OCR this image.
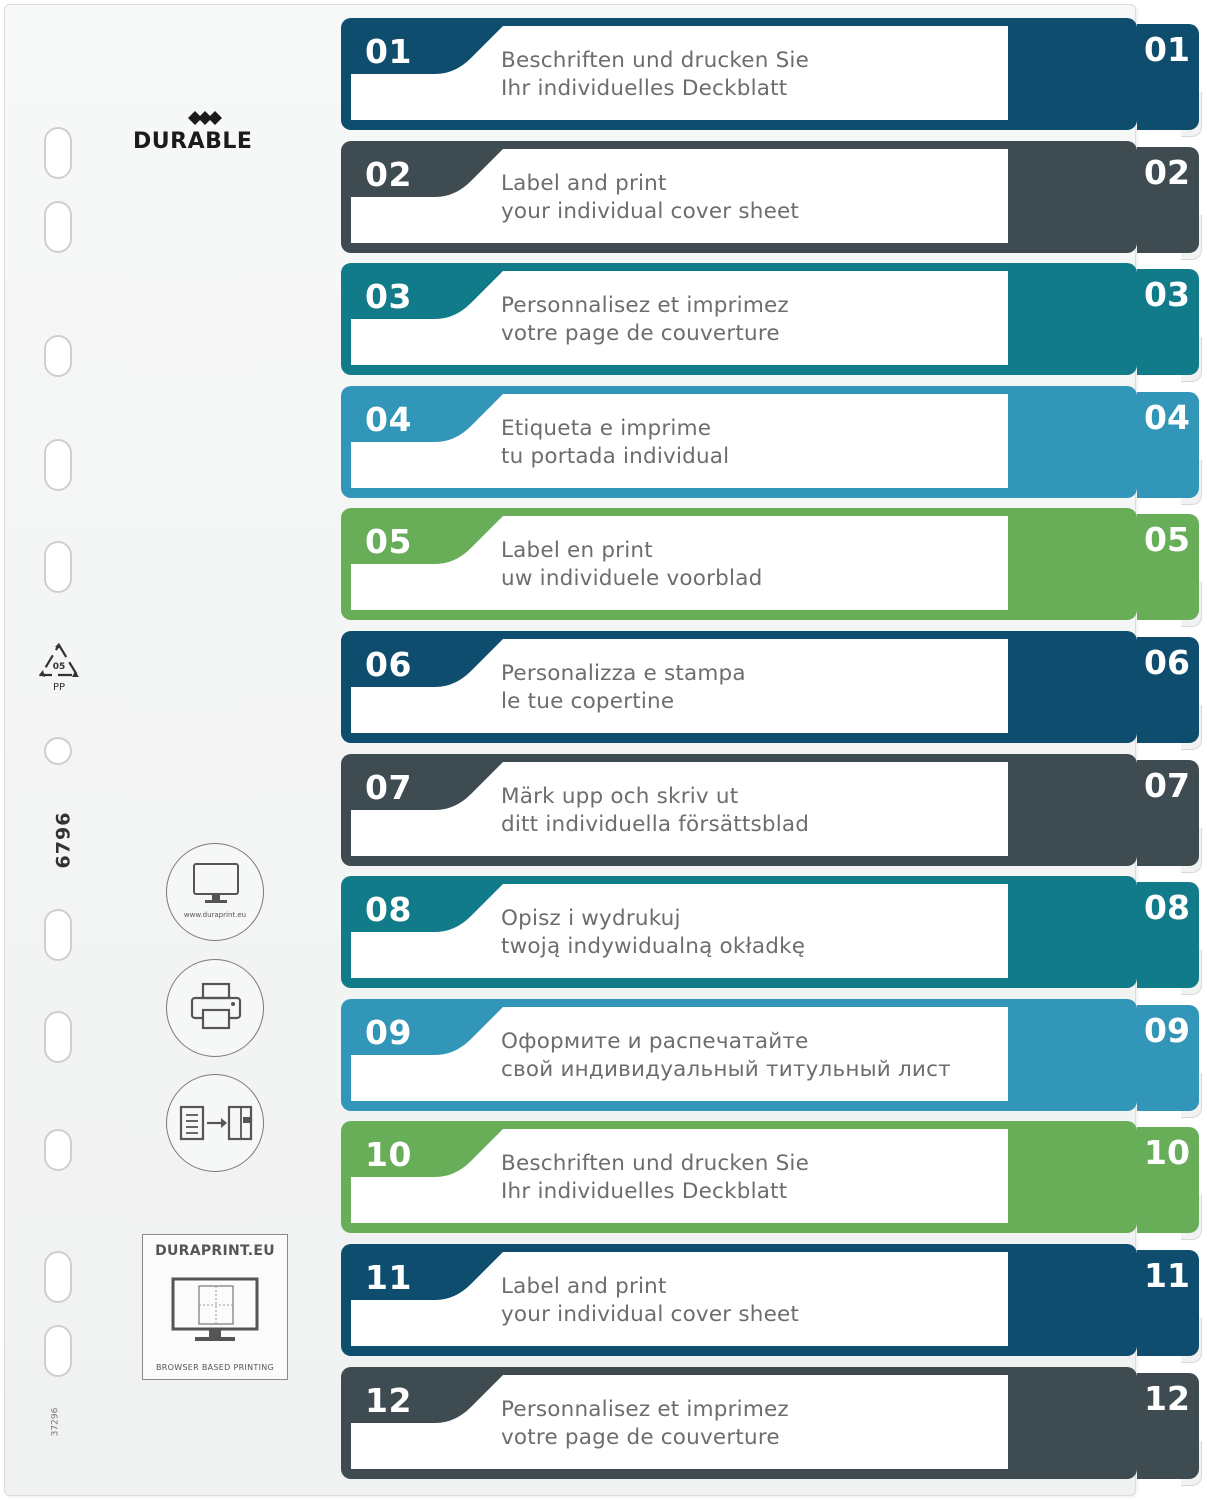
DURABLE
05
PP
6796
37296
www.duraprint.eu
DURAPRINT.EU
BROWSER BASED PRINTING
01
01	Beschriften und drucken Sie
Ihr individuelles Deckblatt
02
02	Label and print
your individual cover sheet
03
03	Personnalisez et imprimez
votre page de couverture
04
04	Etiqueta e imprime
tu portada individual
05
05	Label en print
uw individuele voorblad
06
06	Personalizza e stampa
le tue copertine
07
07	Märk upp och skriv ut
ditt individuella försättsblad
08
08	Opisz i wydrukuj
twoją indywidualną okładkę
09
09	Оформите и распечатайте
свой индивидуальный титульный лист
10
10	Beschriften und drucken Sie
Ihr individuelles Deckblatt
11
11	Label and print
your individual cover sheet
12
12	Personnalisez et imprimez
votre page de couverture
